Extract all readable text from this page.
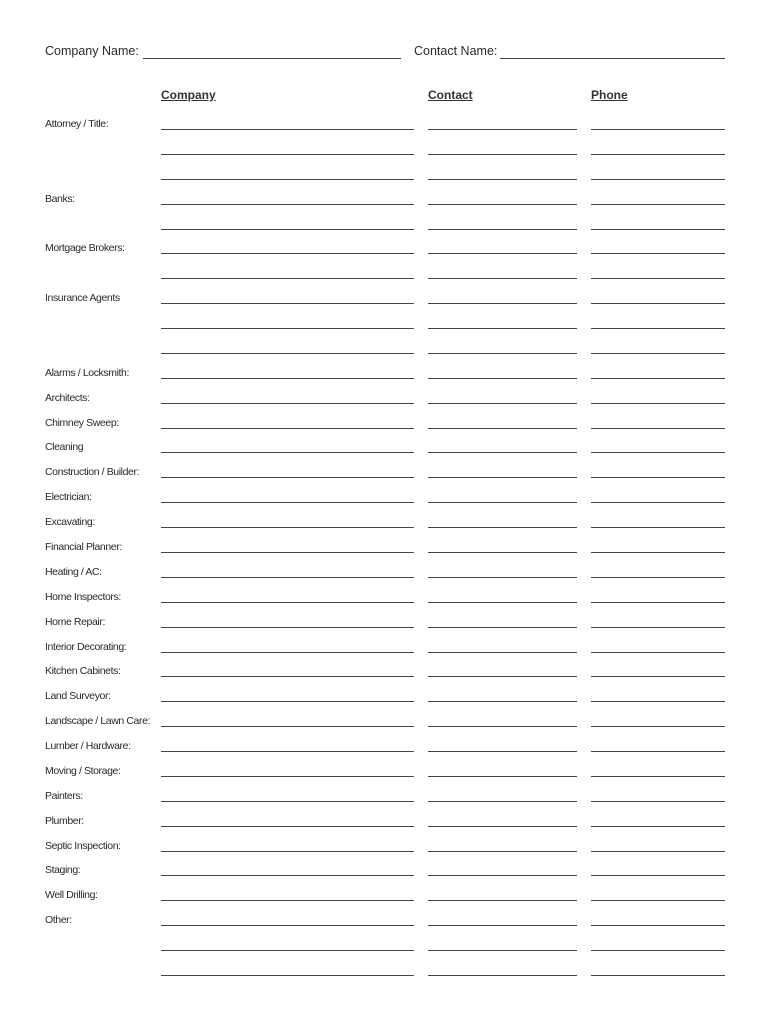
Company Name:	Contact Name:
Company	Contact	Phone
Attorney / Title:
Banks:
Mortgage Brokers:
Insurance Agents
Alarms / Locksmith:
Architects:
Chimney Sweep:
Cleaning
Construction / Builder:
Electrician:
Excavating:
Financial Planner:
Heating / AC:
Home Inspectors:
Home Repair:
Interior Decorating:
Kitchen Cabinets:
Land Surveyor:
Landscape / Lawn Care:
Lumber / Hardware:
Moving / Storage:
Painters:
Plumber:
Septic Inspection:
Staging:
Well Drilling:
Other:
